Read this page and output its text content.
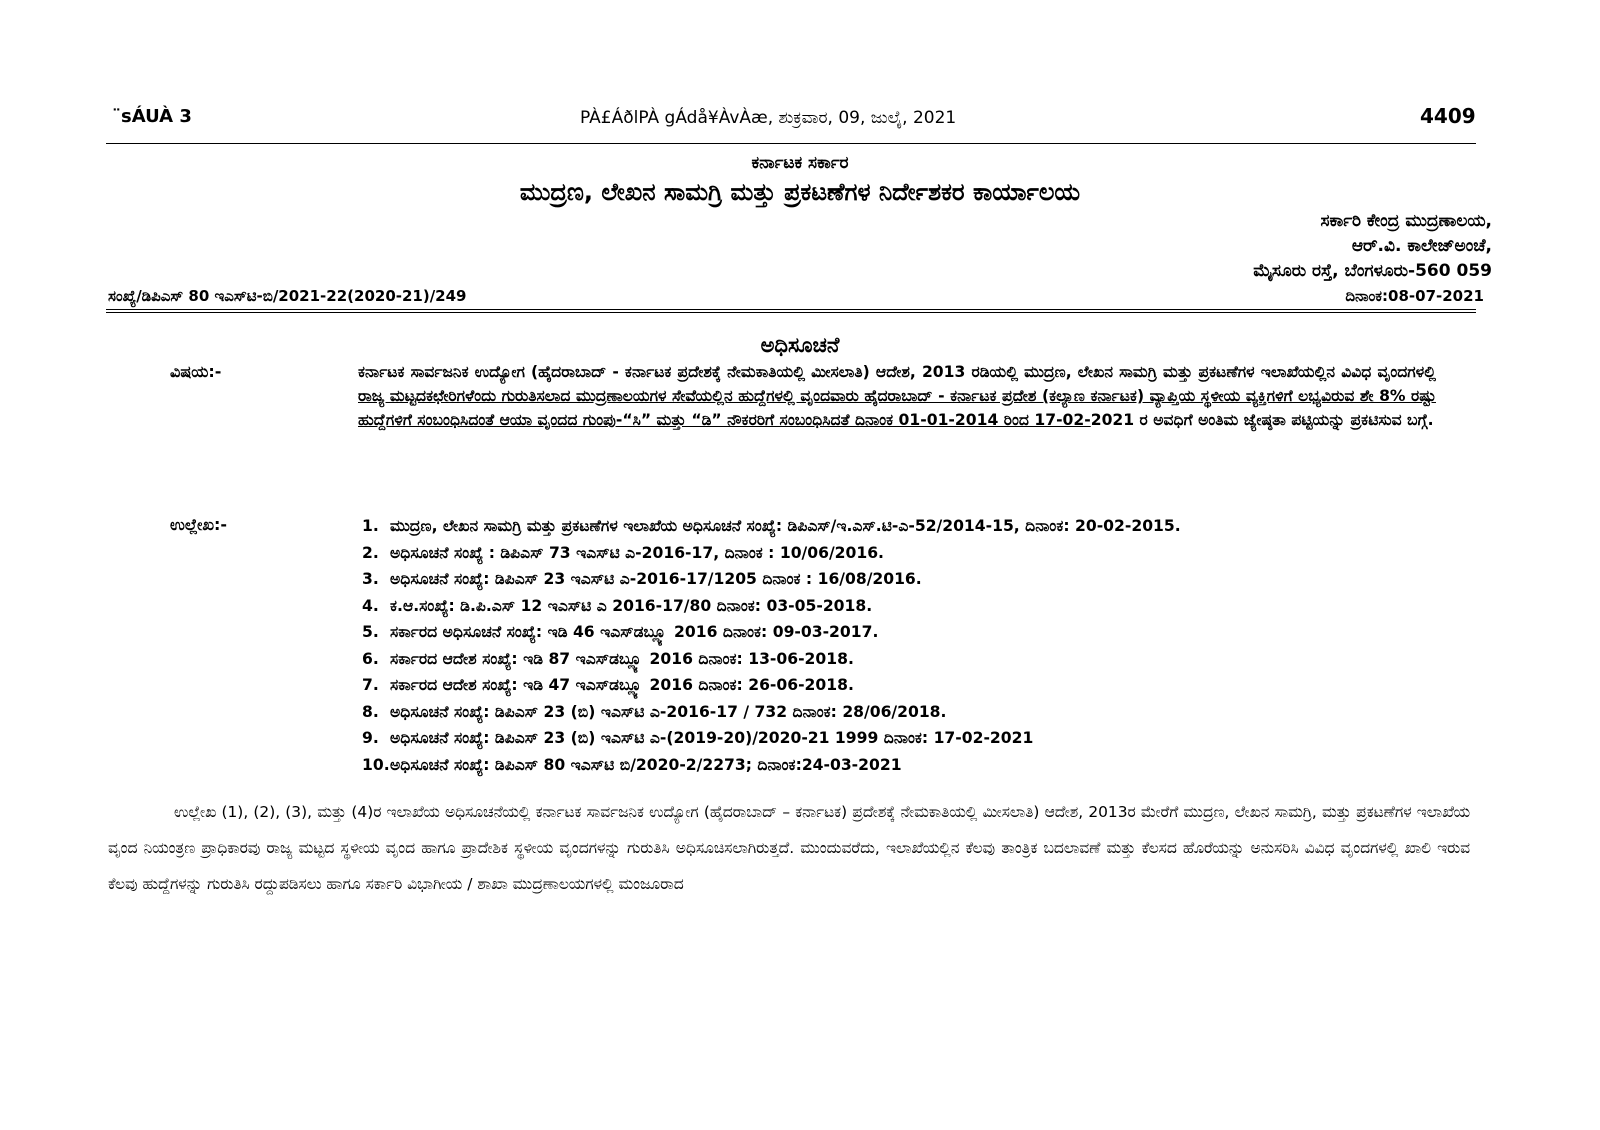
¨sÁUÀ 3	PÀ£ÁðlPÀ gÁdå¥ÀvÀæ, ಶುಕ್ರವಾರ, 09, ಜುಲೈ, 2021	4409
ಕರ್ನಾಟಕ ಸರ್ಕಾರ
ಮುದ್ರಣ, ಲೇಖನ ಸಾಮಗ್ರಿ ಮತ್ತು ಪ್ರಕಟಣೆಗಳ ನಿರ್ದೇಶಕರ ಕಾರ್ಯಾಲಯ
ಸರ್ಕಾರಿ ಕೇಂದ್ರ ಮುದ್ರಣಾಲಯ,
ಆರ್.ವಿ. ಕಾಲೇಜ್‌ಅಂಚೆ,
ಮೈಸೂರು ರಸ್ತೆ, ಬೆಂಗಳೂರು-560 059
ಸಂಖ್ಯೆ/ಡಿಪಿಎಸ್ 80 ಇಎಸ್‌ಟಿ-ಬಿ/2021-22(2020-21)/249	ದಿನಾಂಕ:08-07-2021
ಅಧಿಸೂಚನೆ
ವಿಷಯ:-	ಕರ್ನಾಟಕ ಸಾರ್ವಜನಿಕ ಉದ್ಯೋಗ (ಹೈದರಾಬಾದ್ - ಕರ್ನಾಟಕ ಪ್ರದೇಶಕ್ಕೆ ನೇಮಕಾತಿಯಲ್ಲಿ ಮೀಸಲಾತಿ) ಆದೇಶ, 2013 ರಡಿಯಲ್ಲಿ ಮುದ್ರಣ, ಲೇಖನ ಸಾಮಗ್ರಿ ಮತ್ತು ಪ್ರಕಟಣೆಗಳ ಇಲಾಖೆಯಲ್ಲಿನ ವಿವಿಧ ವೃಂದಗಳಲ್ಲಿ ರಾಜ್ಯ ಮಟ್ಟದಕಛೇರಿಗಳೆಂದು ಗುರುತಿಸಲಾದ ಮುದ್ರಣಾಲಯಗಳ ಸೇವೆಯಲ್ಲಿನ ಹುದ್ದೆಗಳಲ್ಲಿ ವೃಂದವಾರು ಹೈದರಾಬಾದ್ - ಕರ್ನಾಟಕ ಪ್ರದೇಶ (ಕಲ್ಯಾಣ ಕರ್ನಾಟಕ) ವ್ಯಾಪ್ತಿಯ ಸ್ಥಳೀಯ ವ್ಯಕ್ತಿಗಳಿಗೆ ಲಭ್ಯವಿರುವ ಶೇ 8% ರಷ್ಟು ಹುದ್ದೆಗಳಿಗೆ ಸಂಬಂಧಿಸಿದಂತೆ ಆಯಾ ವೃಂದದ ಗುಂಪು-“ಸಿ” ಮತ್ತು “ಡಿ” ನೌಕರರಿಗೆ ಸಂಬಂಧಿಸಿದತೆ ದಿನಾಂಕ 01-01-2014 ರಿಂದ 17-02-2021 ರ ಅವಧಿಗೆ ಅಂತಿಮ ಜ್ಯೇಷ್ಠತಾ ಪಟ್ಟಿಯನ್ನು ಪ್ರಕಟಿಸುವ ಬಗ್ಗೆ.
ಉಲ್ಲೇಖ:-	1. ಮುದ್ರಣ, ಲೇಖನ ಸಾಮಗ್ರಿ ಮತ್ತು ಪ್ರಕಟಣೆಗಳ ಇಲಾಖೆಯ ಅಧಿಸೂಚನೆ ಸಂಖ್ಯೆ: ಡಿಪಿಎಸ್/ಇ.ಎಸ್.ಟಿ-ಎ-52/2014-15, ದಿನಾಂಕ: 20-02-2015.
2. ಅಧಿಸೂಚನೆ ಸಂಖ್ಯೆ : ಡಿಪಿಎಸ್ 73 ಇಎಸ್‌ಟಿ ಎ-2016-17, ದಿನಾಂಕ : 10/06/2016.
3. ಅಧಿಸೂಚನೆ ಸಂಖ್ಯೆ: ಡಿಪಿಎಸ್ 23 ಇಎಸ್‌ಟಿ ಎ-2016-17/1205 ದಿನಾಂಕ : 16/08/2016.
4. ಕ.ಆ.ಸಂಖ್ಯೆ: ಡಿ.ಪಿ.ಎಸ್ 12 ಇಎಸ್‌ಟಿ ಎ 2016-17/80 ದಿನಾಂಕ: 03-05-2018.
5. ಸರ್ಕಾರದ ಅಧಿಸೂಚನೆ ಸಂಖ್ಯೆ: ಇಡಿ 46 ಇಎಸ್‌ಡಬ್ಲ್ಯೂ 2016 ದಿನಾಂಕ: 09-03-2017.
6. ಸರ್ಕಾರದ ಆದೇಶ ಸಂಖ್ಯೆ: ಇಡಿ 87 ಇಎಸ್‌ಡಬ್ಲ್ಯೂ 2016 ದಿನಾಂಕ: 13-06-2018.
7. ಸರ್ಕಾರದ ಆದೇಶ ಸಂಖ್ಯೆ: ಇಡಿ 47 ಇಎಸ್‌ಡಬ್ಲ್ಯೂ 2016 ದಿನಾಂಕ: 26-06-2018.
8. ಅಧಿಸೂಚನೆ ಸಂಖ್ಯೆ: ಡಿಪಿಎಸ್ 23 (ಬಿ) ಇಎಸ್‌ಟಿ ಎ-2016-17 / 732 ದಿನಾಂಕ: 28/06/2018.
9. ಅಧಿಸೂಚನೆ ಸಂಖ್ಯೆ: ಡಿಪಿಎಸ್ 23 (ಬಿ) ಇಎಸ್‌ಟಿ ಎ-(2019-20)/2020-21 1999 ದಿನಾಂಕ: 17-02-2021
10. ಅಧಿಸೂಚನೆ ಸಂಖ್ಯೆ: ಡಿಪಿಎಸ್ 80 ಇಎಸ್‌ಟಿ ಬಿ/2020-2/2273; ದಿನಾಂಕ:24-03-2021
ಉಲ್ಲೇಖ (1), (2), (3), ಮತ್ತು (4)ರ ಇಲಾಖೆಯ ಅಧಿಸೂಚನೆಯಲ್ಲಿ ಕರ್ನಾಟಕ ಸಾರ್ವಜನಿಕ ಉದ್ಯೋಗ (ಹೈದರಾಬಾದ್ – ಕರ್ನಾಟಕ) ಪ್ರದೇಶಕ್ಕೆ ನೇಮಕಾತಿಯಲ್ಲಿ ಮೀಸಲಾತಿ) ಆದೇಶ, 2013ರ ಮೇರೆಗೆ ಮುದ್ರಣ, ಲೇಖನ ಸಾಮಗ್ರಿ, ಮತ್ತು ಪ್ರಕಟಣೆಗಳ ಇಲಾಖೆಯ ವೃಂದ ನಿಯಂತ್ರಣ ಪ್ರಾಧಿಕಾರವು ರಾಜ್ಯ ಮಟ್ಟದ ಸ್ಥಳೀಯ ವೃಂದ ಹಾಗೂ ಪ್ರಾದೇಶಿಕ ಸ್ಥಳೀಯ ವೃಂದಗಳನ್ನು ಗುರುತಿಸಿ ಅಧಿಸೂಚಿಸಲಾಗಿರುತ್ತದೆ. ಮುಂದುವರೆದು, ಇಲಾಖೆಯಲ್ಲಿನ ಕೆಲವು ತಾಂತ್ರಿಕ ಬದಲಾವಣೆ ಮತ್ತು ಕೆಲಸದ ಹೊರೆಯನ್ನು ಅನುಸರಿಸಿ ವಿವಿಧ ವೃಂದಗಳಲ್ಲಿ ಖಾಲಿ ಇರುವ ಕೆಲವು ಹುದ್ದೆಗಳನ್ನು ಗುರುತಿಸಿ ರದ್ದುಪಡಿಸಲು ಹಾಗೂ ಸರ್ಕಾರಿ ವಿಭಾಗೀಯ / ಶಾಖಾ ಮುದ್ರಣಾಲಯಗಳಲ್ಲಿ ಮಂಜೂರಾದ
